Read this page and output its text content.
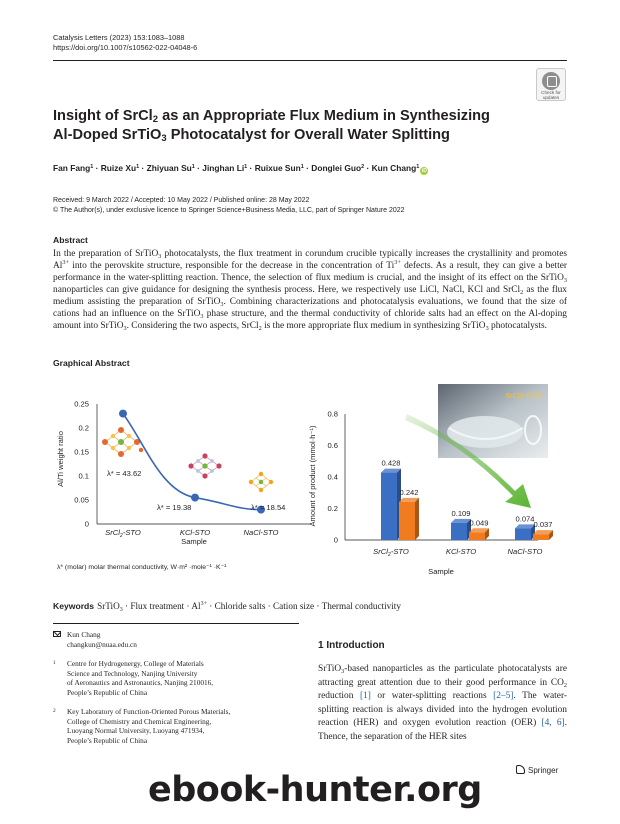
Catalysis Letters (2023) 153:1083–1088
https://doi.org/10.1007/s10562-022-04048-6
Check for
updates
Insight of SrCl$_2$ as an Appropriate Flux Medium in Synthesizing
Al-Doped SrTiO$_3$ Photocatalyst for Overall Water Splitting
Fan Fang$^1$ · Ruize $Xu^1$ · Zhiyuan $Su^1$ · Jinghan $Li^1$ · Ruixue Sun$^1$ · Donglei Guo$^2$ · Kun Chang$^1$iD
Received: 9 March 2022 / Accepted: 10 May 2022 / Published online: 28 May 2022
© The Author(s), under exclusive licence to Springer Science+Business Media, LLC, part of Springer Nature 2022
Abstract
In the preparation of SrTiO$_3$ photocatalysts, the flux treatment in corundum crucible typically increases the crystallinity and promotes $Al^{3+}$ into the perovskite structure, responsible for the decrease in the concentration of $Ti^{3+}$ defects. As a result, they can give a better performance in the water-splitting reaction. Thence, the selection of flux medium is crucial, and the insight of its effect on the SrTiO$_3$ nanoparticles can give guidance for designing the synthesis process. Here, we respectively use LiCl, NaCl, KCl and SrCl$_2$ as the flux medium assisting the preparation of SrTiO$_3$. Combining characterizations and photocatalysis evaluations, we found that the size of cations had an influence on the SrTiO$_3$ phase structure, and the thermal conductivity of chloride salts had an effect on the Al-doping amount into SrTiO$_3$. Considering the two aspects, SrCl$_2$ is the more appropriate flux medium in synthesizing SrTiO$_3$ photocatalysts.
Graphical Abstract
Al/Ti weight ratio
0
0.05
0.1
0.15
0.2
0.25
SrCl$_2$-STO	KCl-STO	NaCl-STO
Sample
λ* = 43.62
λ* = 19.38	λ* = 18.54	Amount of product (mmol·h⁻¹)
0
0.2
0.4
0.6
0.8
SrCl$_2$-STO	KCl-STO	NaCl-STO
Sample
SrCl2-STO
0.428
0.242
0.109
0.049	0.074
0.037
λ* (molar) molar thermal conductivity, W·m² ·mole⁻¹ ·K⁻¹
Keywords SrTiO$_3$ · Flux treatment · $Al^{3+}$ · Chloride salts · Cation size · Thermal conductivity
Kun Chang
changkun@nuaa.edu.cn
1 Centre for Hydrogenergy, College of Materials
Science and Technology, Nanjing University
of Aeronautics and Astronautics, Nanjing 210016,
People’s Republic of China
2 Key Laboratory of Function-Oriented Porous Materials,
College of Chemistry and Chemical Engineering,
Luoyang Normal University, Luoyang 471934,
People’s Republic of China
1 Introduction
SrTiO$_3$-based nanoparticles as the particulate photocatalysts are attracting great attention due to their good performance in $CO_2$ reduction [1] or water-splitting reactions [2–5]. The water-splitting reaction is always divided into the hydrogen evolution reaction (HER) and oxygen evolution reaction (OER) [4, 6]. Thence, the separation of the HER sites
Springer
ebook-hunter.org
